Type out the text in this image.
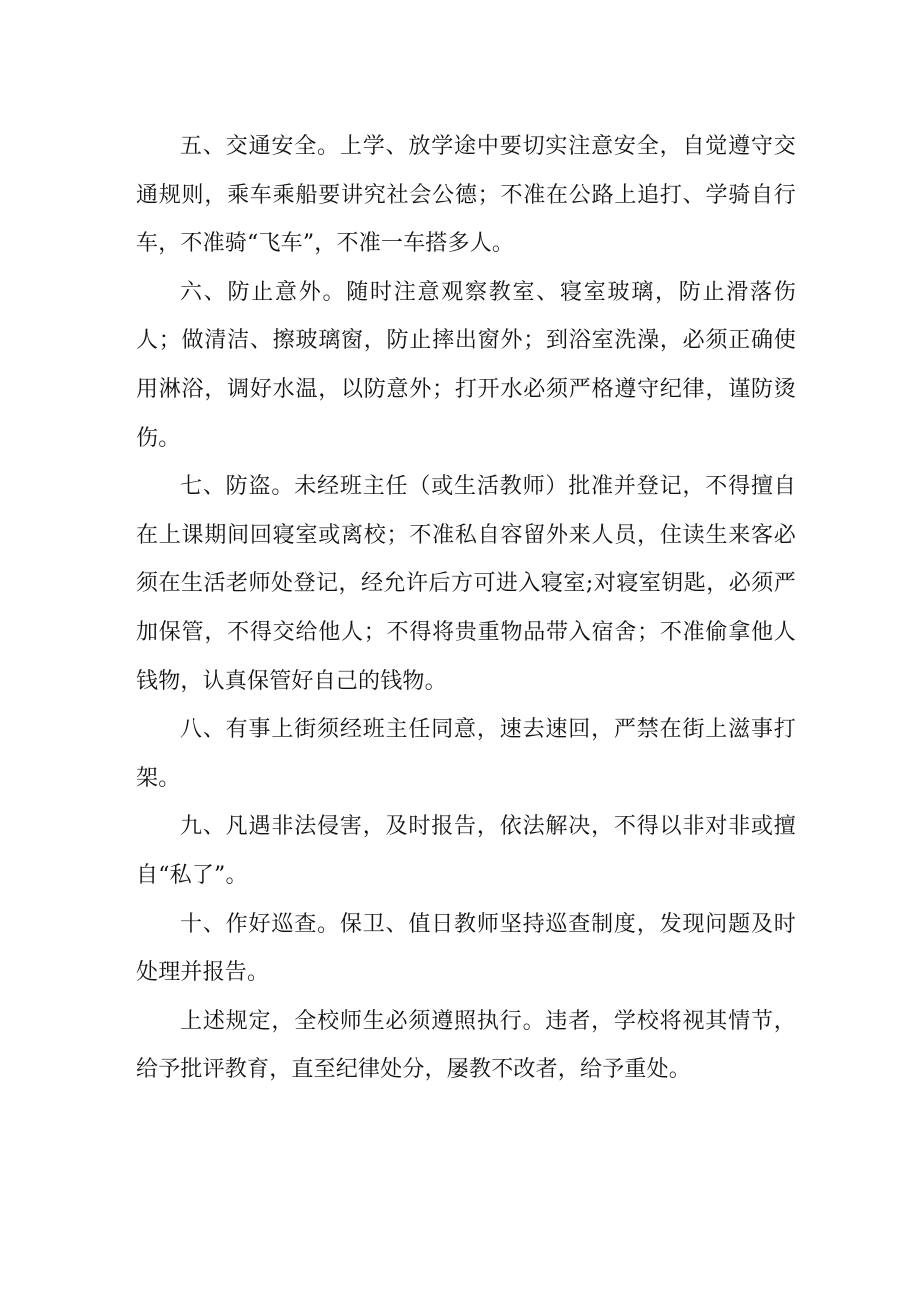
五、交通安全。上学、放学途中要切实注意安全，自觉遵守交通规则，乘车乘船要讲究社会公德；不准在公路上追打、学骑自行车，不准骑“飞车”，不准一车搭多人。

六、防止意外。随时注意观察教室、寝室玻璃，防止滑落伤人；做清洁、擦玻璃窗，防止摔出窗外；到浴室洗澡，必须正确使用淋浴，调好水温，以防意外；打开水必须严格遵守纪律，谨防烫伤。

七、防盗。未经班主任（或生活教师）批准并登记，不得擅自在上课期间回寝室或离校；不准私自容留外来人员，住读生来客必须在生活老师处登记，经允许后方可进入寝室;对寝室钥匙，必须严加保管，不得交给他人；不得将贵重物品带入宿舍；不准偷拿他人钱物，认真保管好自己的钱物。

八、有事上街须经班主任同意，速去速回，严禁在街上滋事打架。

九、凡遇非法侵害，及时报告，依法解决，不得以非对非或擅自“私了”。

十、作好巡查。保卫、值日教师坚持巡查制度，发现问题及时处理并报告。

上述规定，全校师生必须遵照执行。违者，学校将视其情节，给予批评教育，直至纪律处分，屡教不改者，给予重处。
